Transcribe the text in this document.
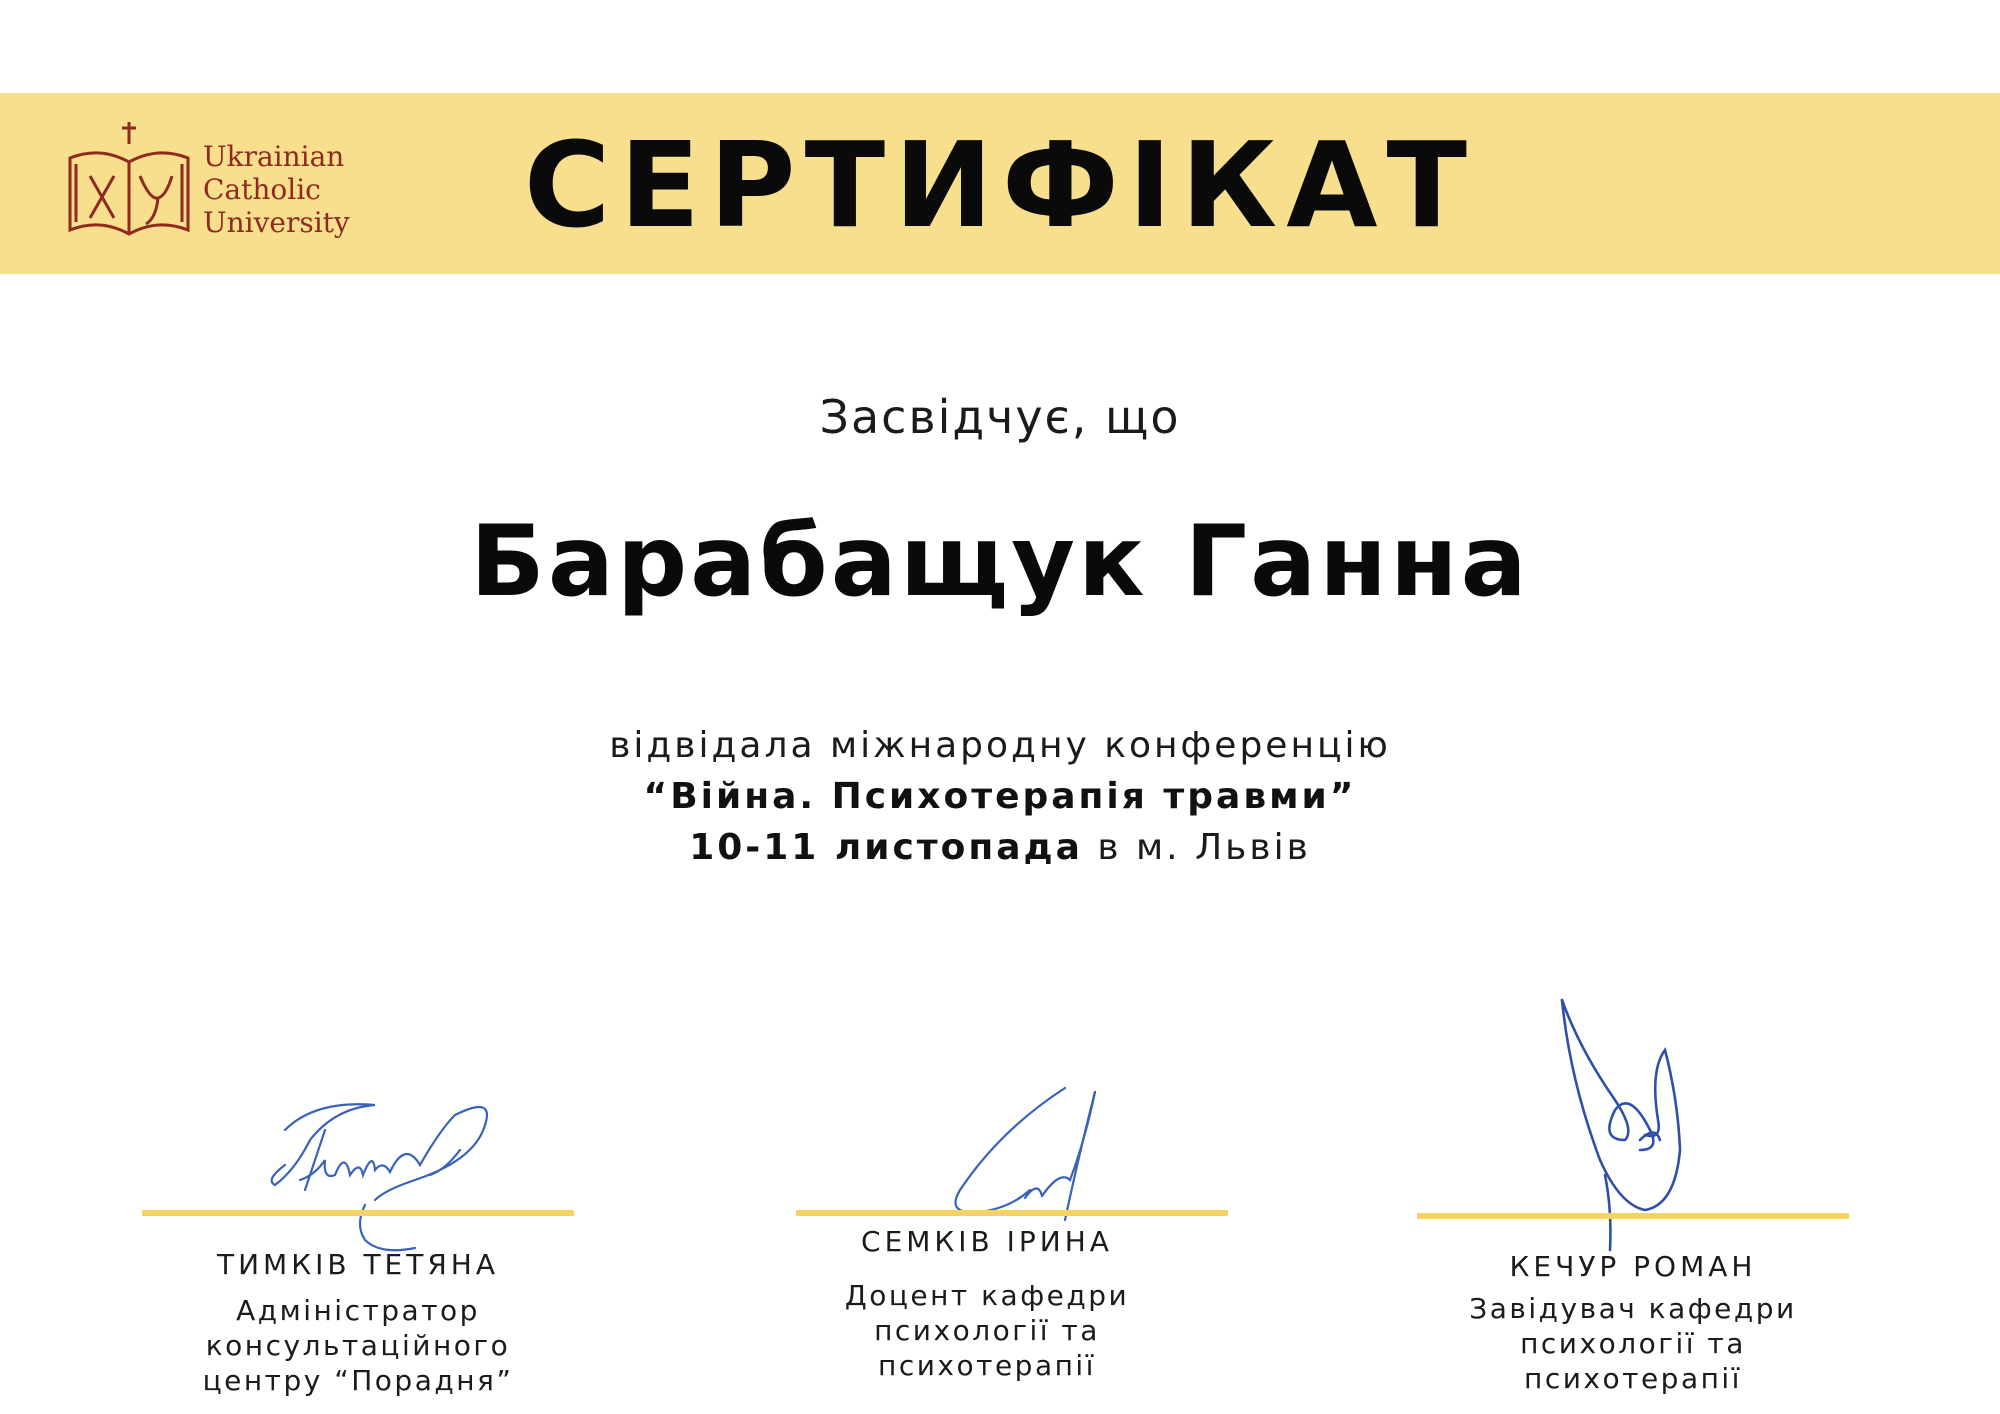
Ukrainian
Catholic
University	СЕРТИФІКАТ
Засвідчує, що
Барабащук Ганна
відвідала міжнародну конференцію
“Війна. Психотерапія травми”
10-11 листопада в м. Львів
ТИМКІВ ТЕТЯНА
Адміністратор
консультаційного
центру “Порадня”
СЕМКІВ ІРИНА
Доцент кафедри
психології та
психотерапії
КЕЧУР РОМАН
Завідувач кафедри
психології та
психотерапії
